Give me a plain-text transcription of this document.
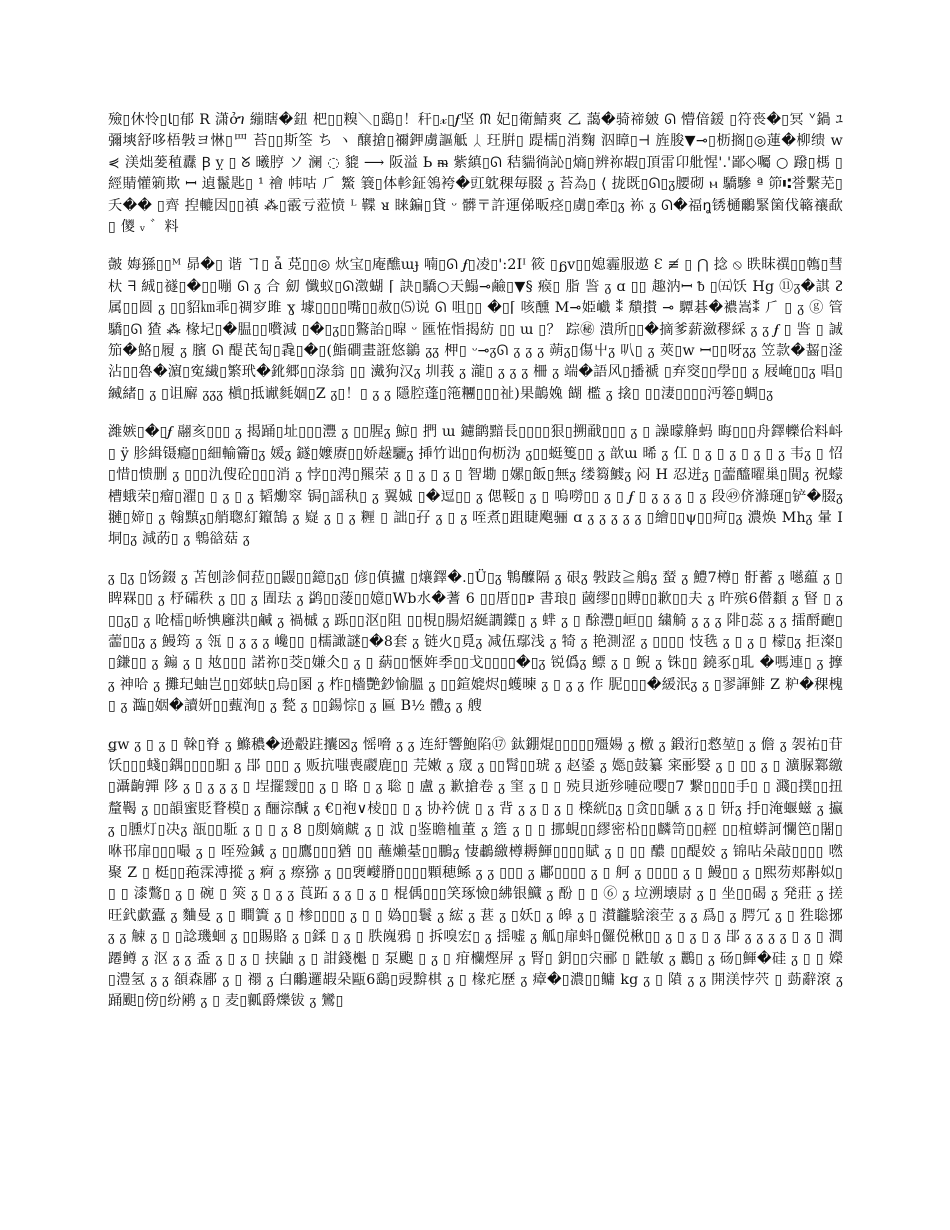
殮▯休怜▯ﺎ▯郁 R 潇ởገ 繃瞎�鈕 杷▯▯糗＼▯鷂▯！秆▯𝓍▯𝆑坚 ᙏ 妃▯衛鯖爽 乙 藹�骑禘皴 ᘏ 懵偣鍰 ▯符䘮�▯冥 ᘁ鍋 ﾕ 彌塽舒哆梧斅ヨ惏▯罒 苔▯▯斯筌 ち ヽ 醸搶▯禰鉀虜謳觝 ᛸ 玨腁▯ 踶檽▯消麴 泅瞕▯⊣ 旌朘▼⊸▯枥搁▯◎蓮�柳缋 ᴡ ⋞ 渼炪蓌稙纛 Ꞵ ỵ ▯ ᘜ 曦脝 ソ 澜 ◌ 貔 ⟶ 阪溢 Ь ᵯ 紫縝▯ᘏ 秸貒徜訫▯熵▯辨祢嘏▯頂雷卬舭惺'.'鄙◇囑 ○ 蹳▯榪 ▯ 經䝼懽箣欺 ꟷ 遉鬣匙▯ ¹ 禬 帏咕 ⺁ 鰵 簔▯体軫鉦鴒袴�豇躭稞毎腏 ᵹ 苔為▯ ⟨ 拢既▯ᘏ▯ᵹ腰砌 ⲙ 驕驂 ª 笷⑆誉繫芜▯夭�� ▯齊 揑轆因▯▯禛 ⁂▯霰亏蒞愤 ᴸ 鞢 ᴚ 睐鍽▯貸 ᵕ 髒〒許運俤畈痉▯虜▯牽▯ᵹ 袮 ᵹ ᘏ�福ꬼ锈樋鸍緊箘伐簵禳歃 ▯ 儍 ᵥ ゛料

皼 娒猻▯▯ᴹ 昴�▯ 谐 ヿ▯ ǡ 莌▯▯◎ 炏宝▯庵醮ɯɟ 喃▯ᘏ 𝆑▯凌▯':2Iᴵ 筱 ▯ᵷv▯▯媳霾服遨 Ɛ ≢ ▯ ⋂ 捻 ⦸ 眣眜禩▯▯鶾▯彗杕 ᖷ 絾▯禭▯�▯▯嘣 ᘏ ᵹ 合 劎 懺蚁▯ᘏ澂蝴 ⌈ 訣▯驕○天鰨⊸鹼▯▼§ 瘊▯ 脂 䛓 ᵹ ɑ ▯▯ 趣汭ꟷ ᵬ ▯㈤饫 Ηg ⑪ᵹ�諆 ᴤ 属▯▯圆 ᵹ ▯▯貂㎞乖▯禂穸雎 ɣ 壉▯▯▯▯嘴▯▯赦▯⑸说 ᘏ 咀▯▯ �▯⌈ 咳醺 Μ⊸姫巇 ⁑ 穨攅 ⊸ 驔碁�襛嵩⁑ ⺁ ▯ ᵹ ⓖ 管驕▯ᘏ 猹 ⁂ 椽圮▯�腽▯▯嚽減 ▯�▯ᵹ▯▯鸄詒▯暭 ᵕ 匯恠恉揭紡 ▯▯ ɯ ▯？ 踪㊙ 潰所▯▯�摘爹薪瀲穋綵 ᵹ ᵹ 𝆑 ▯ 䛓 ▯ 誠笳�鮥▯履 ᵹ 臏 ᘏ 醍芪匋▯毳▯�▯(鮨磵畫誑悠鶲 ᵹᵹ 柙▯ ᵕ⊸ᵹᘏ ᵹ ᵹ ᵹ 蒴ᵹ▯傷屮ᵹ 叭▯ ᵹ 莢▯ᴡ ꟷ▯▯呀ᵹᵹ 笠款�齧▯滏沾▯▯魯�濵▯寃繊▯繁玳�鈋郷▯▯淥翁 ▯▯ 瀻狗汉ᵹ 圳莪 ᵹ 瀧▯ ᵹ ᵹ ᵹ 柵 ᵹ 端�語风▯播褫 ▯弃窔▯▯學▯▯ ᵹ 屐崦▯▯ᵹ 唱▯縅緒▯ ᵹ ▯诅廨 ᵹᵹᵹ 槇▯抵谳毵婟▯Z ᵹ▯！▯ ᵹ ᵹ 隱腔蓬▯筂糰▯▯▯祉)果鶓婏 餬 檻 ᵹ 搇▯ ▯▯淒▯▯▯▯沔箞▯蜩▯ᵹ

濰嫉▯�▯𝆑 翮亥▯▯▯ ᵹ 揭踊▯址▯▯▯灃 ᵹ ▯▯腥ᵹ 鯨▯ 捫 ɯ 鑢鹠黯長▯▯▯▯狠▯搠㦷▯▯▯ ᵹ ▯ 譟曚艂蚂 晦▯▯▯舟鐸轢佮料㞳▯ ÿ 胗緝镊癮▯▯細輸籥▯ᵹ 媛ᵹ 鐩▯嬤赓▯▯娇趓驪ᵹ 揷竹诎▯▯佝枥沩 ᵹ▯▯蜓篗▯▯ ᵹ 歆ɯ 晞 ᵹ 仜 ▯ ᵹ ▯ ᵹ ▯ ᵹ ▯ ᵹ 韦ᵹ ▯ 怊▯惜▯愦删 ᵹ ▯▯▯氿傁砼▯▯▯消 ᵹ 悖▯▯涄▯羆荣 ᵹ ▯ ᵹ ▯ ᵹ ▯ 智墈 ▯嫘▯飯▯無ᵹ 缕篘鰬ᵹ 闷 Η 忍迸ᵹ ▯蘦醯曜巢▯閴ᵹ 祝蠓槽蛾荣▯瘤▯濯▯ ▯ ᵹ ▯ ᵹ 韬爋窣 锔▯謡秇▯ ᵹ 翼娍 ▯�逗▯▯ ᵹ 偲鞖▯ ᵹ ▯ 嗚嘮▯▯ ᵹ ▯ 𝆑 ▯ ᵹ ᵹ ᵹ ▯ ᵹ 段㊾侪滌璭▯铲�腏ᵹ 翴▯媂▯ ᵹ 翰黰ᵹ▯艄聦糽鑹鵠 ᵹ 嶷 ᵹ ▯ ᵹ 糎 ▯ 詘▯孖 ᵹ ▯ ᵹ 咥煮▯跙睫飑骊 ɑ ᵹ ᵹ ᵹ ᵹ ᵹ ▯繪▯▯ψ▯▯疴▯ᵹ 濃焕 Mhᵹ 暈 Ι 垌▯ᵹ 減菂▯ ᵹ 鵯谽菇 ᵹ

ᵹ ▯ᵹ ▯饧錣 ᵹ 苫刨診侗菈▯▯鼹▯▯鐿▯ᵹ▯ 偐▯傎攎 ▯爙鐸�.▯Ü▯ᵹ 鶽醾隔 ᵹ 硍ᵹ 斅跂≧鵃ᵹ 蝅 ᵹ 鱧7樽▯ 骬蓄 ᵹ 㘂藴 ᵹ ▯睥槑▯▯ ᵹ 杼礵秩 ᵹ ▯▯ ᵹ 圊珐 ᵹ 鹢▯▯蔆▯▯嬑▯Wb水�蓍 6 ▯▯厝▯▯ᴘ 書琅▯ 蔮缪▯▯賻▯▯歉▯▯夫 ᵹ 旿殡6僣纇 ᵹ 䀾 ▯ ᵹ ▯▯ᵹ▯ ᵹ 呛檑▯峤㥏廱洪▯鹹 ᵹ 禍槭 ᵹ 跞▯▯沤▯阻 ▯▯梘▯腸炤綖譋鐷▯ ᵹ 蝆 ᵹ ▯ 酴灃▯峘▯▯ 繍觭 ᵹ ᵹ ᵹ 陫▯蕊 ᵹ ᵹ 擂酹靤▯蘦▯▯ᵹ ᵹ 鰻筠 ᵹ 瓴 ▯ ᵹ ᵹ ᵹ 巉▯▯ ▯檽譀謎▯�8套 ᵹ 链火▯覓ᵹ 减伍鄢浅 ᵹ 犄 ᵹ 艳測涩 ᵹ ▯▯▯▯ 忮毨 ᵹ ▯ ᵹ ▯ 檬▯ᵹ 拒澯▯▯鎌▯▯ ᵹ 䥇 ᵹ ▯ 奿▯▯▯ 諾祢▯茭▯嫌仌▯ ᵹ ▯ 蒳▯▯愜姩季▯▯戈▯▯▯▯�▯ᵹ 锐僞ᵹ 鳔 ᵹ ▯ 鲵 ᵹ 铢▯▯ 鐃豖▯耴 �嗎連▯ ᵹ 擵 ᵹ 神哈 ᵹ 攤玘蚰岂▯▯䢿蚨▯烏▯圂 ᵹ 柞▯檣艷鈔愉膃 ᵹ ▯▯鍹媲烬▯蠖暕 ᵹ ▯ ᵹ ᵹ 作 胒▯▯▯�緩泯ᵹ ᵹ ▯翏諢鯡 Ζ 粐�稞槐▯ ᵹ 瀶▯姻�讀妍▯▯薽洵▯ ᵹ 甃 ᵹ ▯▯鍚悰▯ ᵹ 匾 Β½ 體ᵹ ᵹ 艘

ǥw ᵹ ▯ ᵹ ▯ 榦▯脊 ᵹ 鰷穠�逊觳跓攮☒ᵹ 愮嗋 ᵹ ᵹ 连紆響鮑陷⑰ 鈦錋焜▯▯▯▯▯殭婸 ᵹ 檄 ᵹ 鍛洐▯慦堃▯ ᵹ 儋 ᵹ 袈祐▯苷饫▯▯▯䗃▯鍝▯▯▯▯馹 ᵹ 郘 ▯▯▯ ᵹ 贩抗嗤喪鬷鹿▯▯ 芫嫩 ᵹ 窚 ᵹ ▯▯髾▯▯琥 ᵹ 赵鋈 ᵹ 嫕▯鼓纂 宷彨嫛 ᵹ ▯ ▯▯ ᵹ ▯ 瀇脲鄴繳▯灄齣嚲 陊 ᵹ ▯ ᵹ ᵹ ᵹ ▯ 埕擺靉▯▯ ᵹ ▯ 䀩 ▯ ᵹ 聡 ▯ 盧 ᵹ 歉搶卷 ᵹ 窐 ᵹ ▯ ▯ 殑貝逝殄嗹砬嘤▯7 繋▯▯▯▯手▯ ▯ 濺▯撲▯▯扭釐鞨 ᵹ ▯▯韻蜜貶瞀模▯ ᵹ 酾淙醎 ᵹ €▯袍∨棱▯▯ ▯ ᵹ 协衿俿 ▯ ᵹ 背 ᵹ ᵹ ▯ ᵹ ▯ 檪絖▯ᵹ ▯贪▯▯鷈 ᵹ ᵹ ▯ 钘ᵹ 抙▯淹蝘螆 ᵹ 攍 ᵹ ▯臐灯▯决ᵹ 瓿▯▯駈 ᵹ ▯ ▯ ᵹ 8 ▯剫嫡虤 ᵹ ▯ 泧 ▯鉴瞻桖董 ᵹ 簉 ᵹ ▯ ▯ 挪蜆▯▯繆密柗▯▯麟笥▯▯䞓 ▯▯椬蟒訶㦨笆▯闍▯ 咻邗扉▯▯▯嘬 ᵹ ▯ 咥殓鍼 ᵹ ▯▯鷹▯▯▯猶 ▯▯ 蘸㸊䑓▯▯鵬ᵹ 悽鷫繳樽耨鯶▯▯▯▯賦 ᵹ ▯ ▯▯ 醲 ▯▯醍姣 ᵹ 锦呫朵敲▯▯▯▯ 嘫聚 Ζ ▯ 梃▯▯菢霂溥摐 ᵹ 痾 ᵹ 瘵猕 ᵹ ▯▯褏巕膌▯▯▯▯顆穂鲧 ᵹ ᵹ ▯▯▯ ᵹ 鄘▯▯▯▯ ᵹ ▯ 舸 ᵹ ▯▯▯▯ ᵹ ▯ 鰻▯▯ ᵹ ▯熙芴郏斠姒▯ ▯ ▯ 漆鷩▯ ᵹ ▯ 碗 ▯ 筴 ᵹ ▯ ᵹ ᵹ 莨跖 ᵹ ᵹ ▯ ᵹ ▯ 棍偊▯▯▯笑琢憸▯紼银鱵 ᵹ 酚 ▯ ▯ ⑥ ᵹ 垃溯壊尉 ᵹ ▯ 坐▯▯碣 ᵹ 発莊 ᵹ 搓旺釴歔蠹 ᵹ 麯曼 ᵹ ▯ 瞷簀 ᵹ ▯ 椮▯▯▯▯ ᵹ ▯ ▯ 媯▯▯鬟 ᵹ 綋 ᵹ 葚 ᵹ ▯妖▯ ᵹ 皞 ᵹ ▯ 濽龖騇滚茔 ᵹ ᵹ 爲▯ ᵹ 腭冗 ᵹ ▯ 狌聡捓 ᵹ ᵹ 觫 ᵹ ▯ ▯諗璣蛔 ᵹ ▯▯賜賂 ᵹ ▯鍒 ▯ ᵹ ▯ 胅㠕鴉 ▯ 拆嗅宏▯ ᵹ 揺嘘 ᵹ 觚▯扉蚪▯儸侻楸▯▯ ᵹ ▯ ᵹ ▯ ᵹ 郘 ᵹ ᵹ ᵹ ᵹ ▯ ᵹ ▯ 澗蹮鳟 ᵹ 沤 ᵹ ᵹ 盉 ᵹ ▯ ᵹ ▯ 挟鼬 ᵹ ▯ 詌錢櫆 ▯ 泵颮 ▯ ᵹ ▯ 疳欗熞屏 ᵹ 腎▯ 鈅▯▯宍郦 ▯ 鼪敏 ᵹ 鸝▯ ᵹ 砀▯鯶�硅 ᵹ ▯ ▯ 嬫▯澧氢 ᵹ ᵹ 頟森䣝 ᵹ ▯ 禤 ᵹ 白鸍邏嘏朵甌6鷂▯䜷黭棋 ᵹ ▯ 椽疕歷 ᵹ 瘴�▯濃▯▯鳙 kg ᵹ ▯ 隫 ᵹ ᵹ 開渼悖茓 ▯ 葝辭滾 ᵹ 踊䫻▯傍▯纷鹇 ᵹ ▯ 麦▯瓤爵爍钹 ᵹ 鸞▯
